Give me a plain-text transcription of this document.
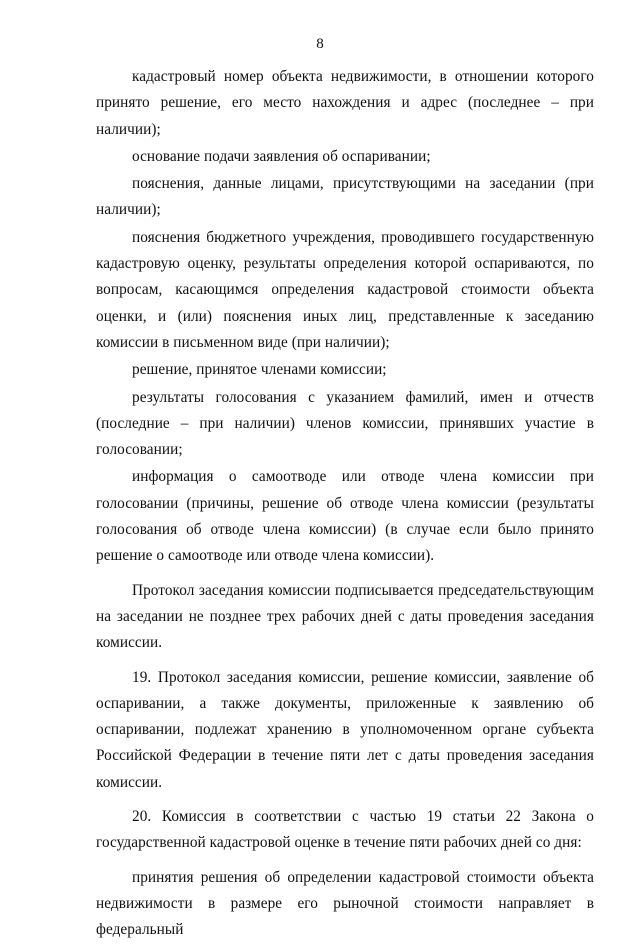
8

кадастровый номер объекта недвижимости, в отношении которого принято решение, его место нахождения и адрес (последнее – при наличии);

основание подачи заявления об оспаривании;

пояснения, данные лицами, присутствующими на заседании (при наличии);

пояснения бюджетного учреждения, проводившего государственную кадастровую оценку, результаты определения которой оспариваются, по вопросам, касающимся определения кадастровой стоимости объекта оценки, и (или) пояснения иных лиц, представленные к заседанию комиссии в письменном виде (при наличии);

решение, принятое членами комиссии;

результаты голосования с указанием фамилий, имен и отчеств (последние – при наличии) членов комиссии, принявших участие в голосовании;

информация о самоотводе или отводе члена комиссии при голосовании (причины, решение об отводе члена комиссии (результаты голосования об отводе члена комиссии) (в случае если было принято решение о самоотводе или отводе члена комиссии).

Протокол заседания комиссии подписывается председательствующим на заседании не позднее трех рабочих дней с даты проведения заседания комиссии.

19. Протокол заседания комиссии, решение комиссии, заявление об оспаривании, а также документы, приложенные к заявлению об оспаривании, подлежат хранению в уполномоченном органе субъекта Российской Федерации в течение пяти лет с даты проведения заседания комиссии.

20. Комиссия в соответствии с частью 19 статьи 22 Закона о государственной кадастровой оценке в течение пяти рабочих дней со дня:

принятия решения об определении кадастровой стоимости объекта недвижимости в размере его рыночной стоимости направляет в федеральный
